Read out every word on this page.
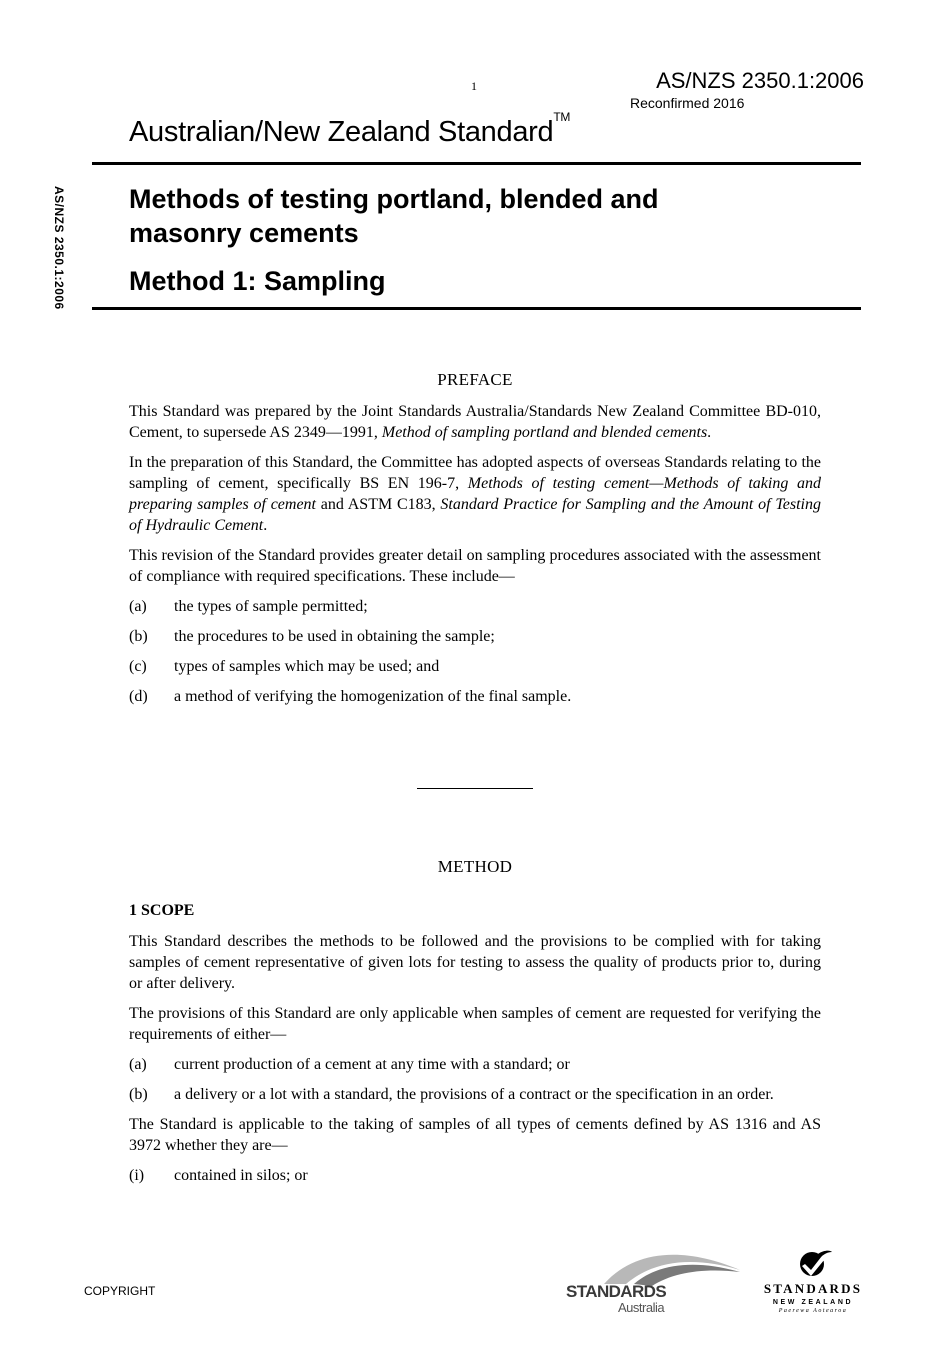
1	AS/NZS 2350.1:2006
Reconfirmed 2016
Australian/New Zealand Standard™
AS/NZS 2350.1:2006 Methods of testing portland, blended and
masonry cements
Method 1: Sampling
PREFACE

This Standard was prepared by the Joint Standards Australia/Standards New Zealand Committee BD-010, Cement, to supersede AS 2349—1991, Method of sampling portland and blended cements.

In the preparation of this Standard, the Committee has adopted aspects of overseas Standards relating to the sampling of cement, specifically BS EN 196-7, Methods of testing cement—Methods of taking and preparing samples of cement and ASTM C183, Standard Practice for Sampling and the Amount of Testing of Hydraulic Cement.

This revision of the Standard provides greater detail on sampling procedures associated with the assessment of compliance with required specifications. These include—

(a)	the types of sample permitted;
(b)	the procedures to be used in obtaining the sample;
(c)	types of samples which may be used; and
(d)	a method of verifying the homogenization of the final sample.
METHOD
1 SCOPE

This Standard describes the methods to be followed and the provisions to be complied with for taking samples of cement representative of given lots for testing to assess the quality of products prior to, during or after delivery.

The provisions of this Standard are only applicable when samples of cement are requested for verifying the requirements of either—

(a)	current production of a cement at any time with a standard; or
(b)	a delivery or a lot with a standard, the provisions of a contract or the specification in an order.

The Standard is applicable to the taking of samples of all types of cements defined by AS 1316 and AS 3972 whether they are—

(i)	contained in silos; or
COPYRIGHT	STANDARDS
Australia
STANDARDS
NEW ZEALAND
Paerewa Aotearoa
